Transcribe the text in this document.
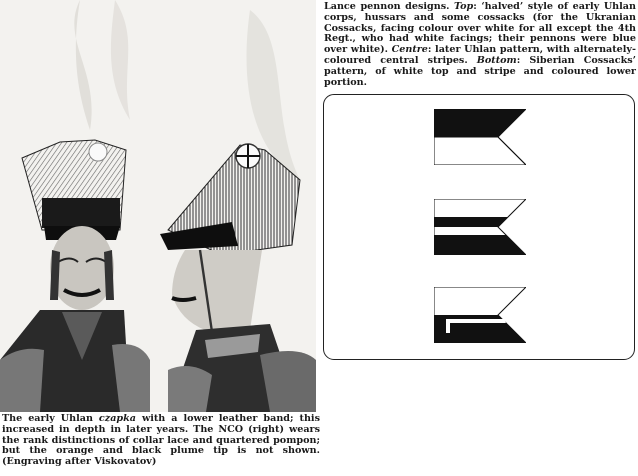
The early Uhlan czapka with a lower leather band; this increased in depth in later years. The NCO (right) wears the rank distinctions of collar lace and quartered pompon; but the orange and black plume tip is not shown. (Engraving after Viskovatov)

Lance pennon designs. Top: ‘halved’ style of early Uhlan corps, hussars and some cossacks (for the Ukranian Cossacks, facing colour over white for all except the 4th Regt., who had white facings; their pennons were blue over white). Centre: later Uhlan pattern, with alternately-coloured central stripes. Bottom: Siberian Cossacks’ pattern, of white top and stripe and coloured lower portion.
